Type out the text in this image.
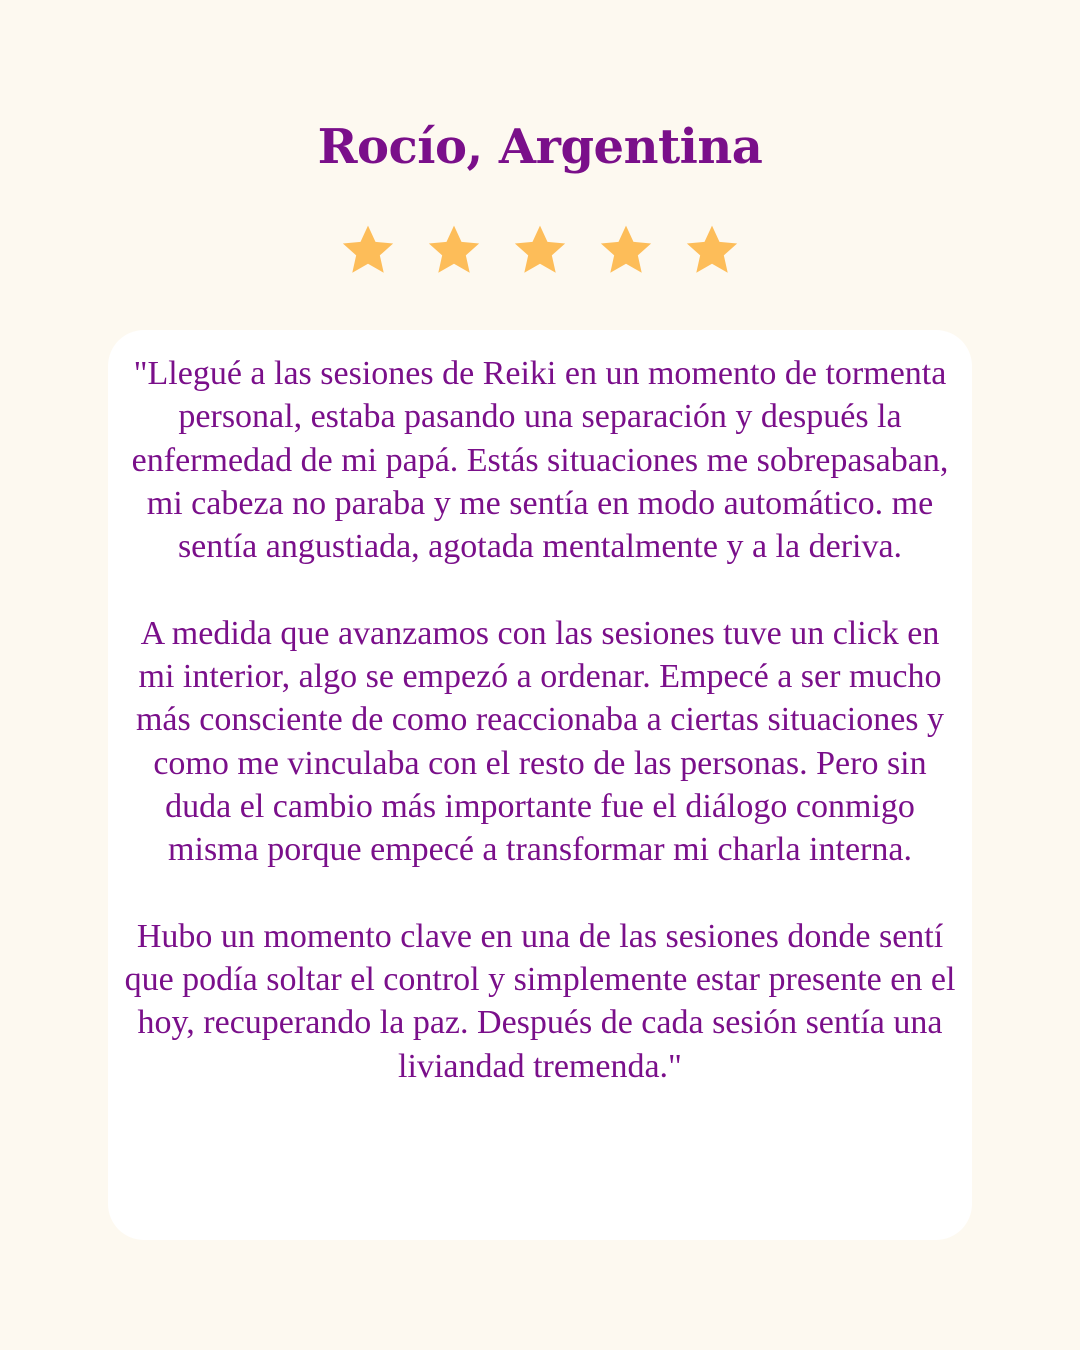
Rocío, Argentina

"Llegué a las sesiones de Reiki en un momento de tormenta personal, estaba pasando una separación y después la enfermedad de mi papá. Estás situaciones me sobrepasaban, mi cabeza no paraba y me sentía en modo automático. me sentía angustiada, agotada mentalmente y a la deriva.

A medida que avanzamos con las sesiones tuve un click en mi interior, algo se empezó a ordenar. Empecé a ser mucho más consciente de como reaccionaba a ciertas situaciones y como me vinculaba con el resto de las personas. Pero sin duda el cambio más importante fue el diálogo conmigo misma porque empecé a transformar mi charla interna.

Hubo un momento clave en una de las sesiones donde sentí que podía soltar el control y simplemente estar presente en el hoy, recuperando la paz. Después de cada sesión sentía una liviandad tremenda."
